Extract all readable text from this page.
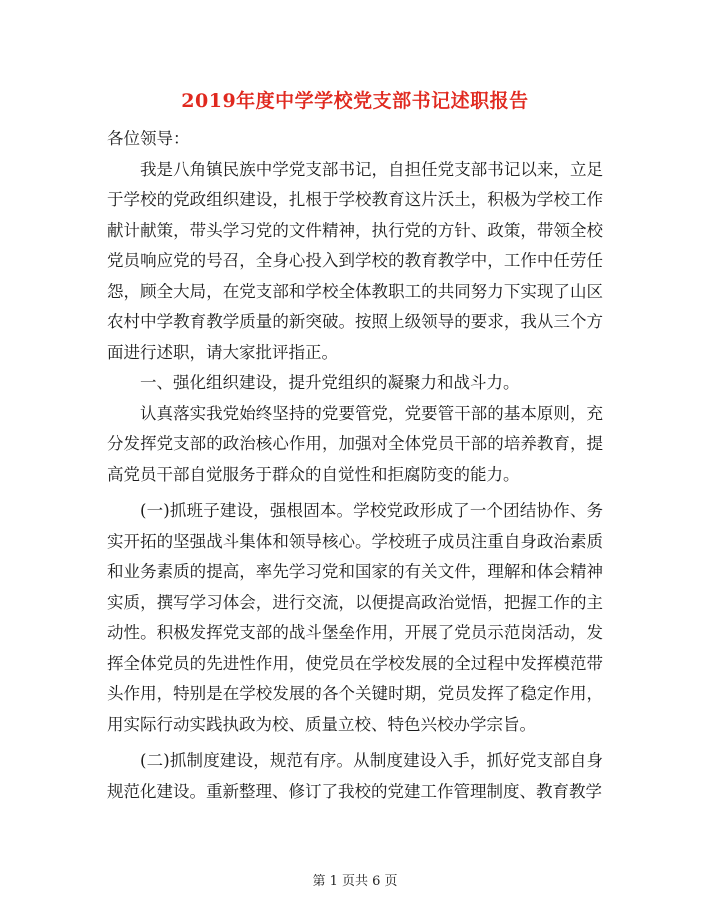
2019年度中学学校党支部书记述职报告

各位领导：

我是八角镇民族中学党支部书记，自担任党支部书记以来，立足于学校的党政组织建设，扎根于学校教育这片沃土，积极为学校工作献计献策，带头学习党的文件精神，执行党的方针、政策，带领全校党员响应党的号召，全身心投入到学校的教育教学中，工作中任劳任怨，顾全大局，在党支部和学校全体教职工的共同努力下实现了山区农村中学教育教学质量的新突破。按照上级领导的要求，我从三个方面进行述职，请大家批评指正。

一、强化组织建设，提升党组织的凝聚力和战斗力。

认真落实我党始终坚持的党要管党，党要管干部的基本原则，充分发挥党支部的政治核心作用，加强对全体党员干部的培养教育，提高党员干部自觉服务于群众的自觉性和拒腐防变的能力。

(一)抓班子建设，强根固本。学校党政形成了一个团结协作、务实开拓的坚强战斗集体和领导核心。学校班子成员注重自身政治素质和业务素质的提高，率先学习党和国家的有关文件，理解和体会精神实质，撰写学习体会，进行交流，以便提高政治觉悟，把握工作的主动性。积极发挥党支部的战斗堡垒作用，开展了党员示范岗活动，发挥全体党员的先进性作用，使党员在学校发展的全过程中发挥模范带头作用，特别是在学校发展的各个关键时期，党员发挥了稳定作用，用实际行动实践执政为校、质量立校、特色兴校办学宗旨。

(二)抓制度建设，规范有序。从制度建设入手，抓好党支部自身规范化建设。重新整理、修订了我校的党建工作管理制度、教育教学

第 1 页共 6 页
